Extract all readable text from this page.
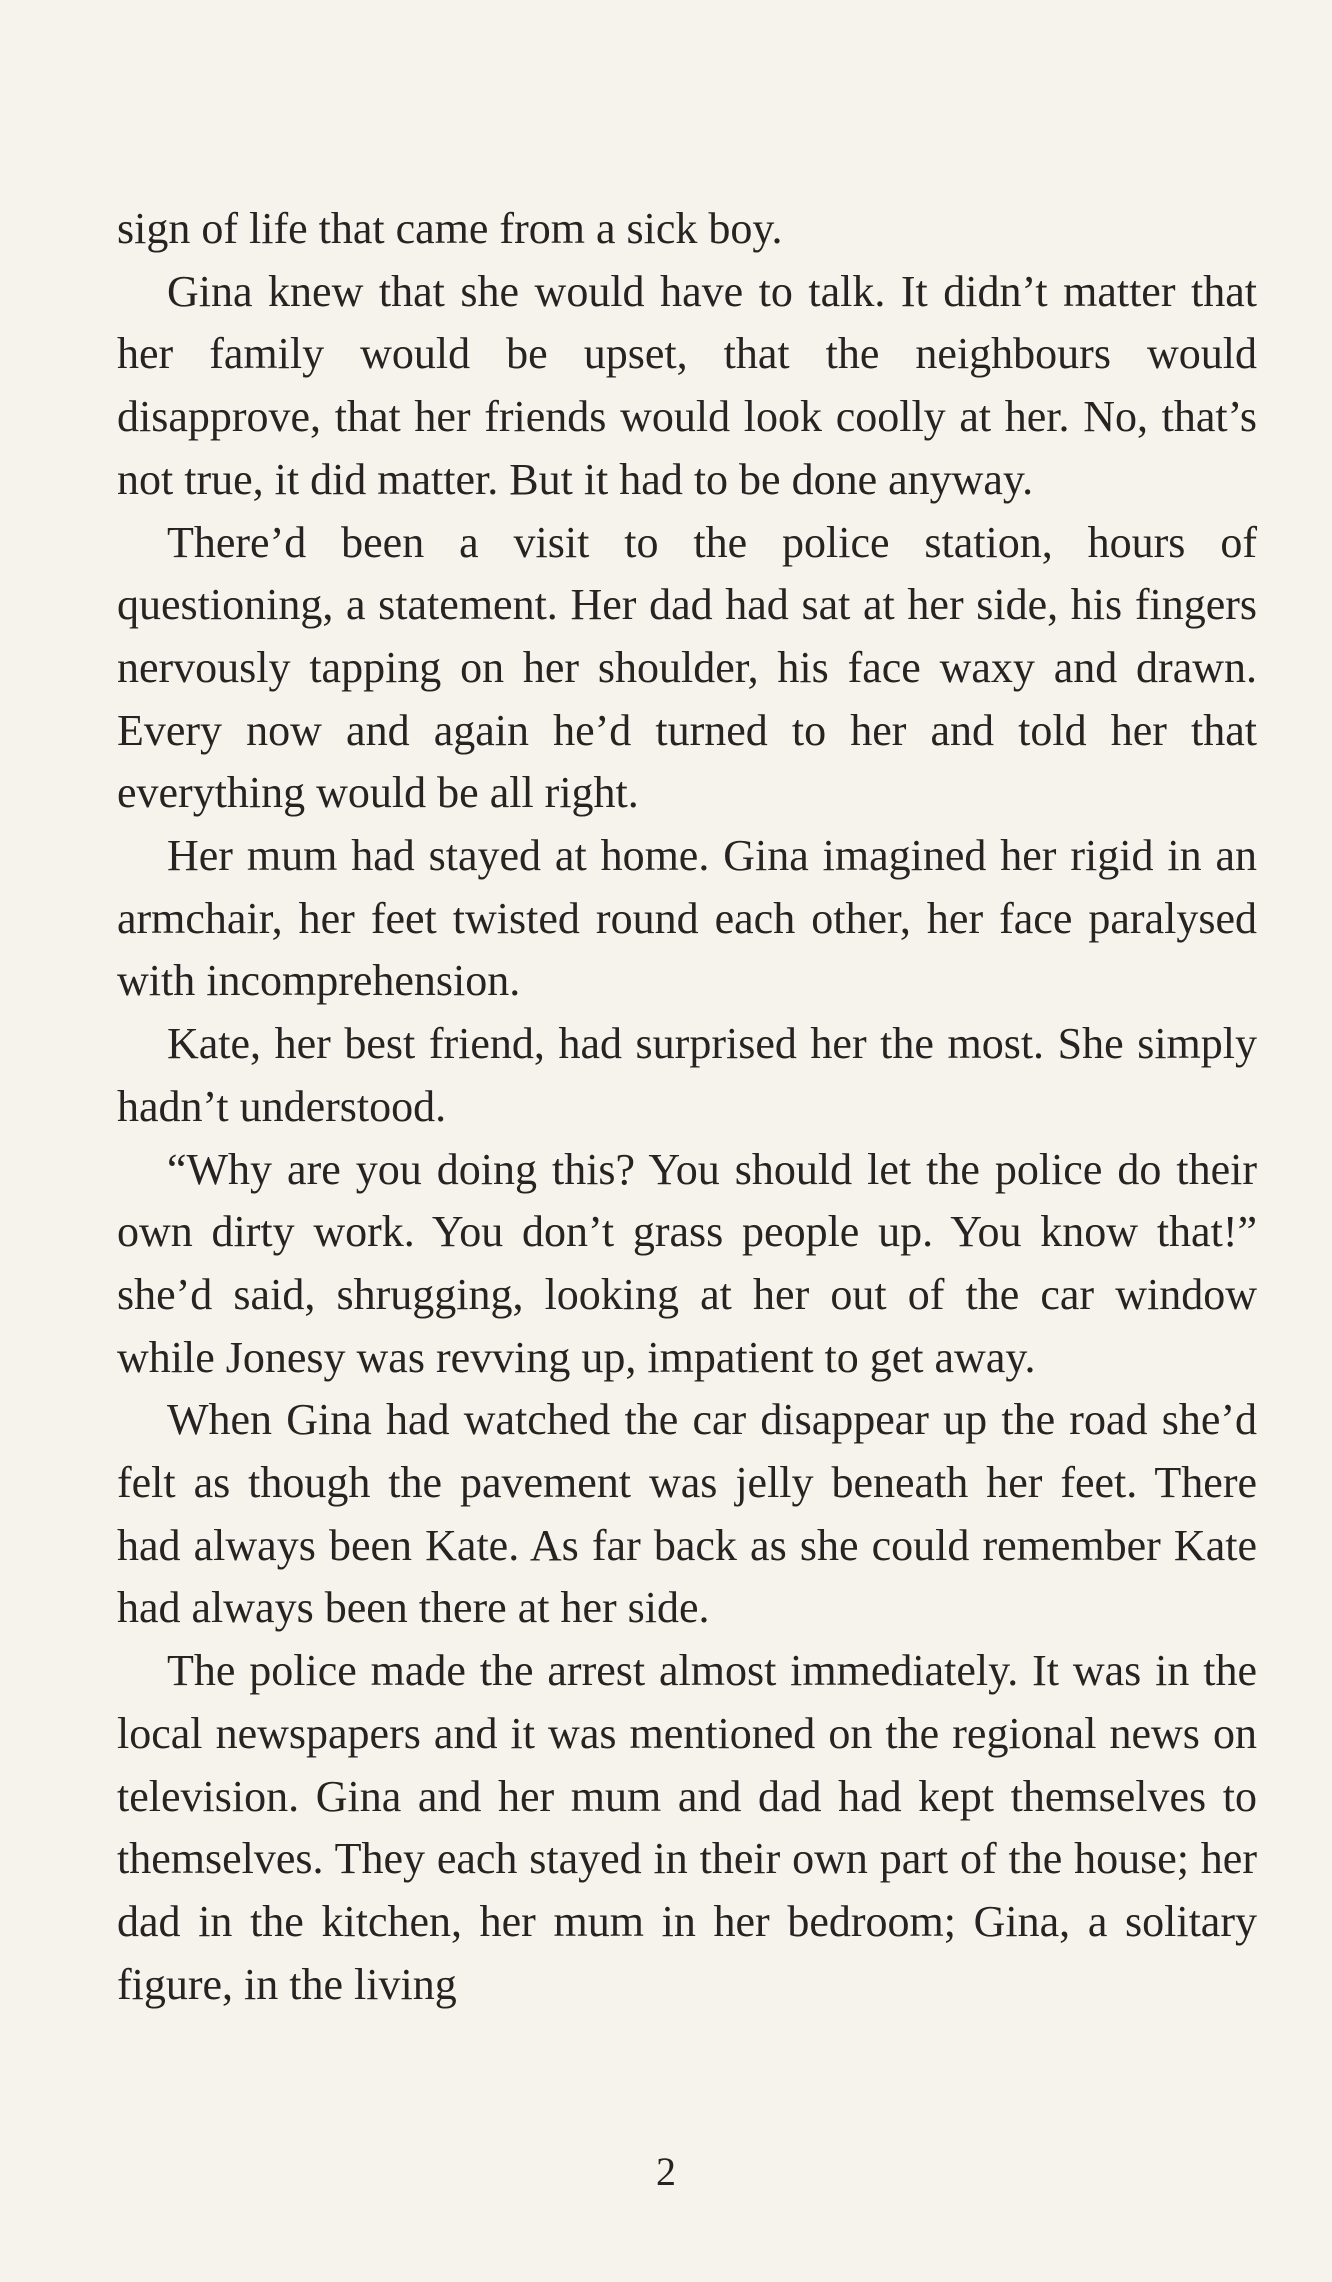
sign of life that came from a sick boy.

Gina knew that she would have to talk. It didn’t matter that her family would be upset, that the neighbours would disapprove, that her friends would look coolly at her. No, that’s not true, it did matter. But it had to be done anyway.

There’d been a visit to the police station, hours of questioning, a statement. Her dad had sat at her side, his fingers nervously tapping on her shoulder, his face waxy and drawn. Every now and again he’d turned to her and told her that everything would be all right.

Her mum had stayed at home. Gina imagined her rigid in an armchair, her feet twisted round each other, her face paralysed with incomprehension.

Kate, her best friend, had surprised her the most. She simply hadn’t understood.

“Why are you doing this? You should let the police do their own dirty work. You don’t grass people up. You know that!” she’d said, shrugging, looking at her out of the car window while Jonesy was revving up, impatient to get away.

When Gina had watched the car disappear up the road she’d felt as though the pavement was jelly beneath her feet. There had always been Kate. As far back as she could remember Kate had always been there at her side.

The police made the arrest almost immediately. It was in the local newspapers and it was mentioned on the regional news on television. Gina and her mum and dad had kept themselves to themselves. They each stayed in their own part of the house; her dad in the kitchen, her mum in her bedroom; Gina, a solitary figure, in the living

2
